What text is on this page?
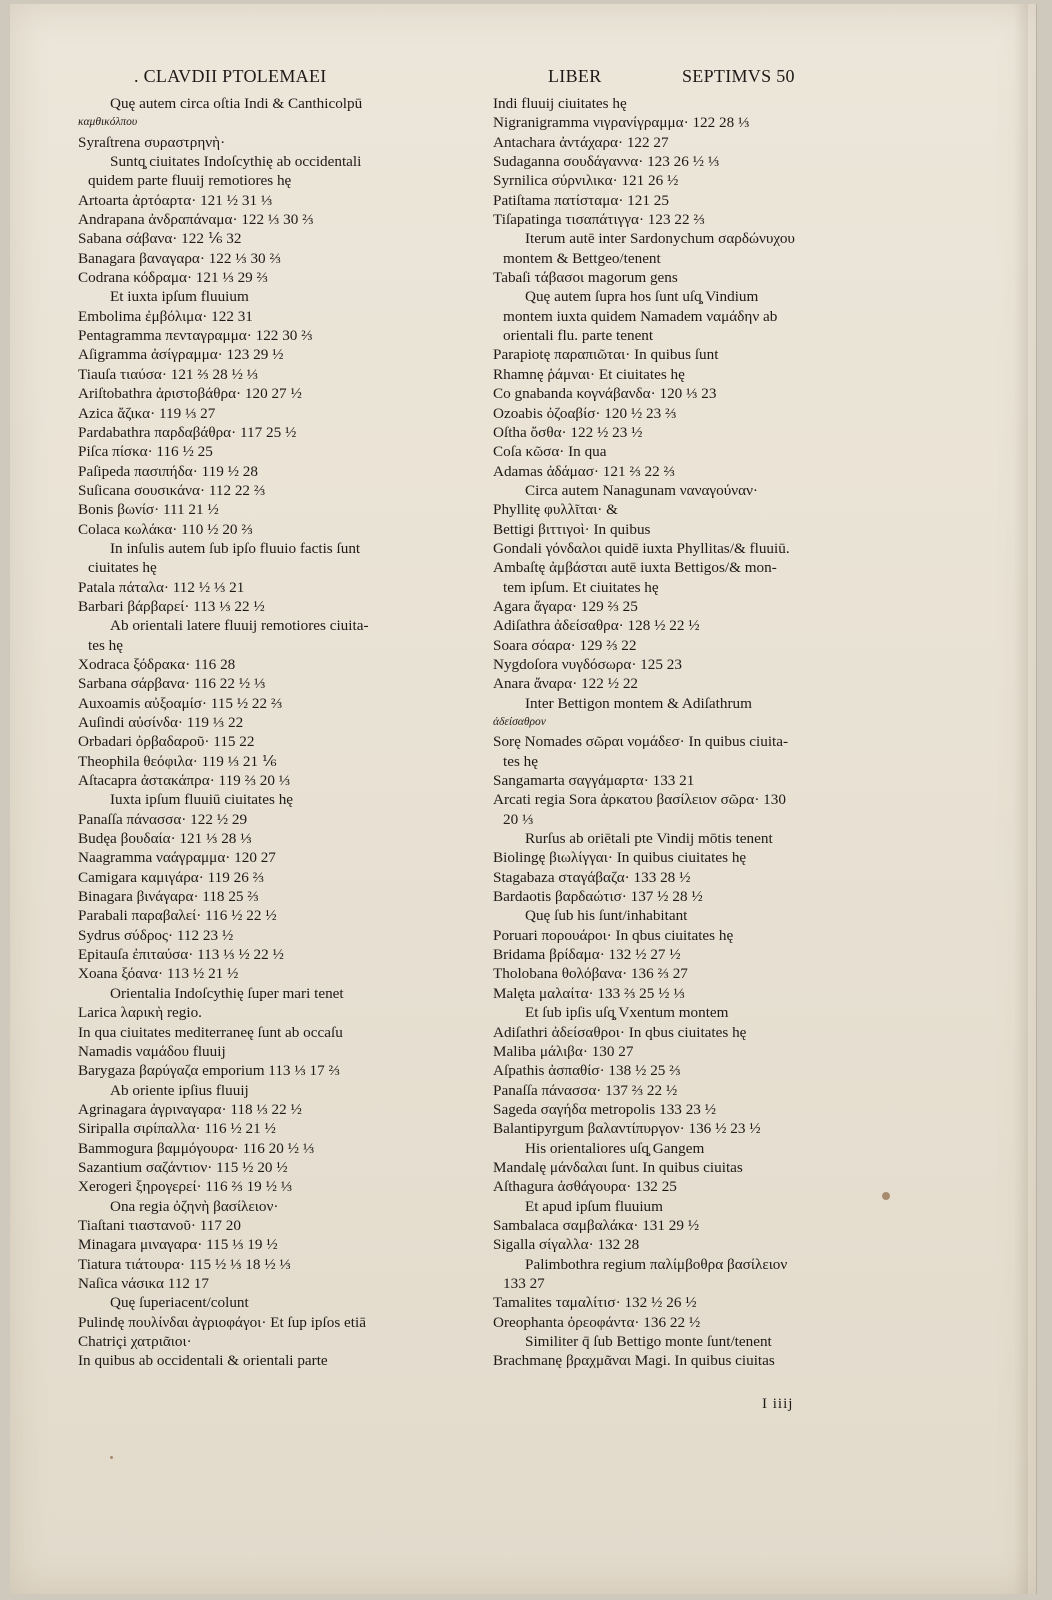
. CLAVDII PTOLEMAEI	LIBER	SEPTIMVS 50
Quę autem circa oſtia Indi & Canthicolpū
καμθικόλπου
Syraſtrena συραστρηνὴ·
Suntq̧ ciuitates Indoſcythię ab occidentali
quidem parte fluuij remotiores hę
Artoarta ἀρτόαρτα· 121 ½ 31 ⅓
Andrapana ἀνδραπάναμα· 122 ⅓ 30 ⅔
Sabana σάβανα· 122 ⅙ 32
Banagara βαναγαρα· 122 ⅓ 30 ⅔
Codrana κόδραμα· 121 ⅓ 29 ⅔
Et iuxta ipſum fluuium
Embolima ἐμβόλιμα· 122 31
Pentagramma πενταγραμμα· 122 30 ⅔
Aſigramma ἀσίγραμμα· 123 29 ½
Tiauſa τιαύσα· 121 ⅔ 28 ½ ⅓
Ariſtobathra ἀριστοβάθρα· 120 27 ½
Azica ἄζικα· 119 ⅓ 27
Pardabathra παρδαβάθρα· 117 25 ½
Piſca πίσκα· 116 ½ 25
Paſipeda πασιπήδα· 119 ½ 28
Suſicana σουσικάνα· 112 22 ⅔
Bonis βωνίσ· 111 21 ½
Colaca κωλάκα· 110 ½ 20 ⅔
In inſulis autem ſub ipſo fluuio factis ſunt
ciuitates hę
Patala πάταλα· 112 ½ ⅓ 21
Barbari βάρβαρεί· 113 ⅓ 22 ½
Ab orientali latere fluuij remotiores ciuita-
tes hę
Xodraca ξόδρακα· 116 28
Sarbana σάρβανα· 116 22 ½ ⅓
Auxoamis αὐξοαμίσ· 115 ½ 22 ⅔
Auſindi αὐσίνδα· 119 ⅓ 22
Orbadari ὀρβαδαροῦ· 115 22
Theophila θεόφιλα· 119 ⅓ 21 ⅙
Aſtacapra ἀστακάπρα· 119 ⅔ 20 ⅓
Iuxta ipſum fluuiū ciuitates hę
Panaſſa πάνασσα· 122 ½ 29
Budęa βουδαία· 121 ⅓ 28 ⅓
Naagramma ναάγραμμα· 120 27
Camigara καμιγάρα· 119 26 ⅔
Binagara βινάγαρα· 118 25 ⅔
Parabali παραβαλεί· 116 ½ 22 ½
Sydrus σύδρος· 112 23 ½
Epitauſa ἐπιταύσα· 113 ⅓ ½ 22 ½
Xoana ξόανα· 113 ½ 21 ½
Orientalia Indoſcythię ſuper mari tenet
Larica λαρικὴ regio.
In qua ciuitates mediterraneę ſunt ab occaſu
Namadis ναμάδου fluuij
Barygaza βαρύγαζα emporium 113 ⅓ 17 ⅔
Ab oriente ipſius fluuij
Agrinagara ἀγριναγαρα· 118 ⅓ 22 ½
Siripalla σιρίπαλλα· 116 ½ 21 ½
Bammogura βαμμόγουρα· 116 20 ½ ⅓
Sazantium σαζάντιον· 115 ½ 20 ½
Xerogeri ξηρογερεί· 116 ⅔ 19 ½ ⅓
Ona regia ὀζηνὴ βασίλειον·
Tiaſtani τιαστανοῦ· 117 20
Minagara μιναγαρα· 115 ⅓ 19 ½
Tiatura τιάτουρα· 115 ½ ⅓ 18 ½ ⅓
Naſica νάσικα 112 17
Quę ſuperiacent/colunt
Pulindę πουλίνδαι ἀγριοφάγοι· Et ſup ipſos etiā
Chatriçi χατριᾶιοι·
In quibus ab occidentali & orientali parte
Indi fluuij ciuitates hę
Nigranigramma νιγρανίγραμμα· 122 28 ⅓
Antachara ἀντάχαρα· 122 27
Sudaganna σουδάγαννα· 123 26 ½ ⅓
Syrnilica σύρνιλικα· 121 26 ½
Patiſtama πατίσταμα· 121 25
Tiſapatinga τισαπάτιγγα· 123 22 ⅔
Iterum autē inter Sardonychum σαρδώνυχου
montem & Bettgeo/tenent
Tabaſi τάβασοι magorum gens
Quę autem ſupra hos ſunt uſq̧ Vindium
montem iuxta quidem Namadem ναμάδην ab
orientali flu. parte tenent
Parapiotę παραπιῶται· In quibus ſunt
Rhamnę ῥάμναι· Et ciuitates hę
Co gnabanda κογνάβανδα· 120 ⅓ 23
Ozoabis ὀζοαβίσ· 120 ½ 23 ⅔
Oſtha ὄσθα· 122 ½ 23 ½
Coſa κῶσα· In qua
Adamas ἀδάμασ· 121 ⅔ 22 ⅔
Circa autem Nanagunam ναναγούναν·
Phyllitę φυλλῖται· &
Bettigi βιττιγοὶ· In quibus
Gondali γόνδαλοι quidē iuxta Phyllitas/& fluuiū.
Ambaſtę ἀμβάσται autē iuxta Bettigos/& mon-
tem ipſum. Et ciuitates hę
Agara ἄγαρα· 129 ⅔ 25
Adiſathra ἀδείσαθρα· 128 ½ 22 ½
Soara σόαρα· 129 ⅔ 22
Nygdoſora νυγδόσωρα· 125 23
Anara ἄναρα· 122 ½ 22
Inter Bettigon montem & Adiſathrum
ἀδείσαθρον
Sorę Nomades σῶραι νομάδεσ· In quibus ciuita-
tes hę
Sangamarta σαγγάμαρτα· 133 21
Arcati regia Sora ἀρκατου βασίλειον σῶρα· 130
20 ⅓
Rurſus ab oriētali pte Vindij mōtis tenent
Biolingę βιωλίγγαι· In quibus ciuitates hę
Stagabaza σταγάβαζα· 133 28 ½
Bardaotis βαρδαώτισ· 137 ½ 28 ½
Quę ſub his ſunt/inhabitant
Poruari πορουάροι· In qbus ciuitates hę
Bridama βρίδαμα· 132 ½ 27 ½
Tholobana θολόβανα· 136 ⅔ 27
Malęta μαλαίτα· 133 ⅔ 25 ½ ⅓
Et ſub ipſis uſq̧ Vxentum montem
Adiſathri ἀδείσαθροι· In qbus ciuitates hę
Maliba μάλιβα· 130 27
Aſpathis ἀσπαθίσ· 138 ½ 25 ⅔
Panaſſa πάνασσα· 137 ⅔ 22 ½
Sageda σαγήδα metropolis 133 23 ½
Balantipyrgum βαλαντίπυργον· 136 ½ 23 ½
His orientaliores uſq̧ Gangem
Mandalę μάνδαλαι ſunt. In quibus ciuitas
Aſthagura ἀσθάγουρα· 132 25
Et apud ipſum fluuium
Sambalaca σαμβαλάκα· 131 29 ½
Sigalla σίγαλλα· 132 28
Palimbothra regium παλίμβοθρα βασίλειον
133 27
Tamalites ταμαλίτισ· 132 ½ 26 ½
Oreophanta ὀρεοφάντα· 136 22 ½
Similiter q̄ ſub Bettigo monte ſunt/tenent
Brachmanę βραχμᾶναι Magi. In quibus ciuitas
I iiij
